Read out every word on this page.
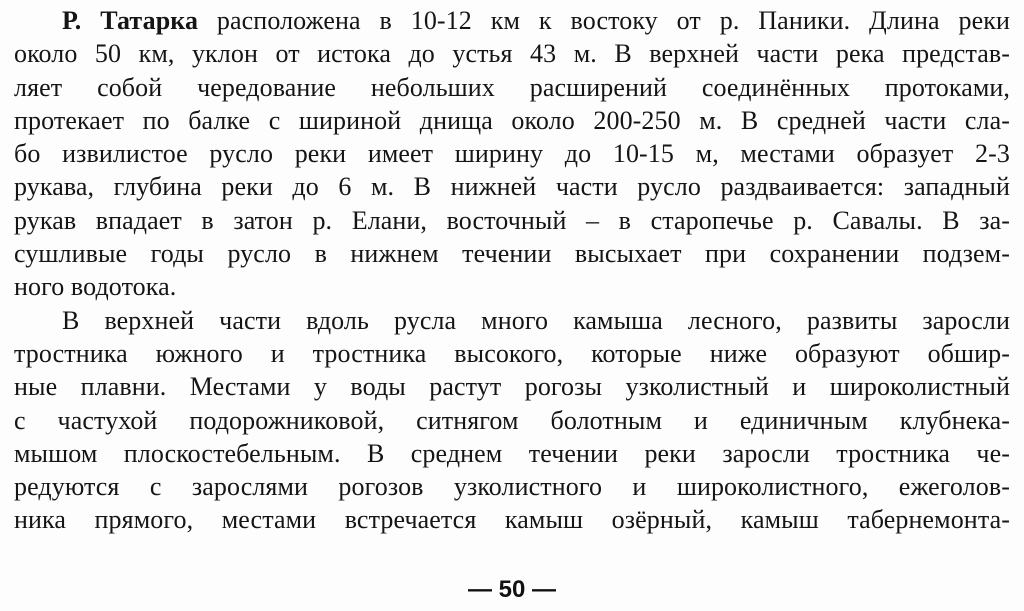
Р. Татарка расположена в 10-12 км к востоку от р. Паники. Длина реки
около 50 км, уклон от истока до устья 43 м. В верхней части река представ-
ляет собой чередование небольших расширений соединённых протоками,
протекает по балке с шириной днища около 200-250 м. В средней части сла-
бо извилистое русло реки имеет ширину до 10-15 м, местами образует 2-3
рукава, глубина реки до 6 м. В нижней части русло раздваивается: западный
рукав впадает в затон р. Елани, восточный – в старопечье р. Савалы. В за-
сушливые годы русло в нижнем течении высыхает при сохранении подзем-
ного водотока.
В верхней части вдоль русла много камыша лесного, развиты заросли
тростника южного и тростника высокого, которые ниже образуют обшир-
ные плавни. Местами у воды растут рогозы узколистный и широколистный
с частухой подорожниковой, ситнягом болотным и единичным клубнека-
мышом плоскостебельным. В среднем течении реки заросли тростника че-
редуются с зарослями рогозов узколистного и широколистного, ежеголов-
ника прямого, местами встречается камыш озёрный, камыш табернемонта-
— 50 —
